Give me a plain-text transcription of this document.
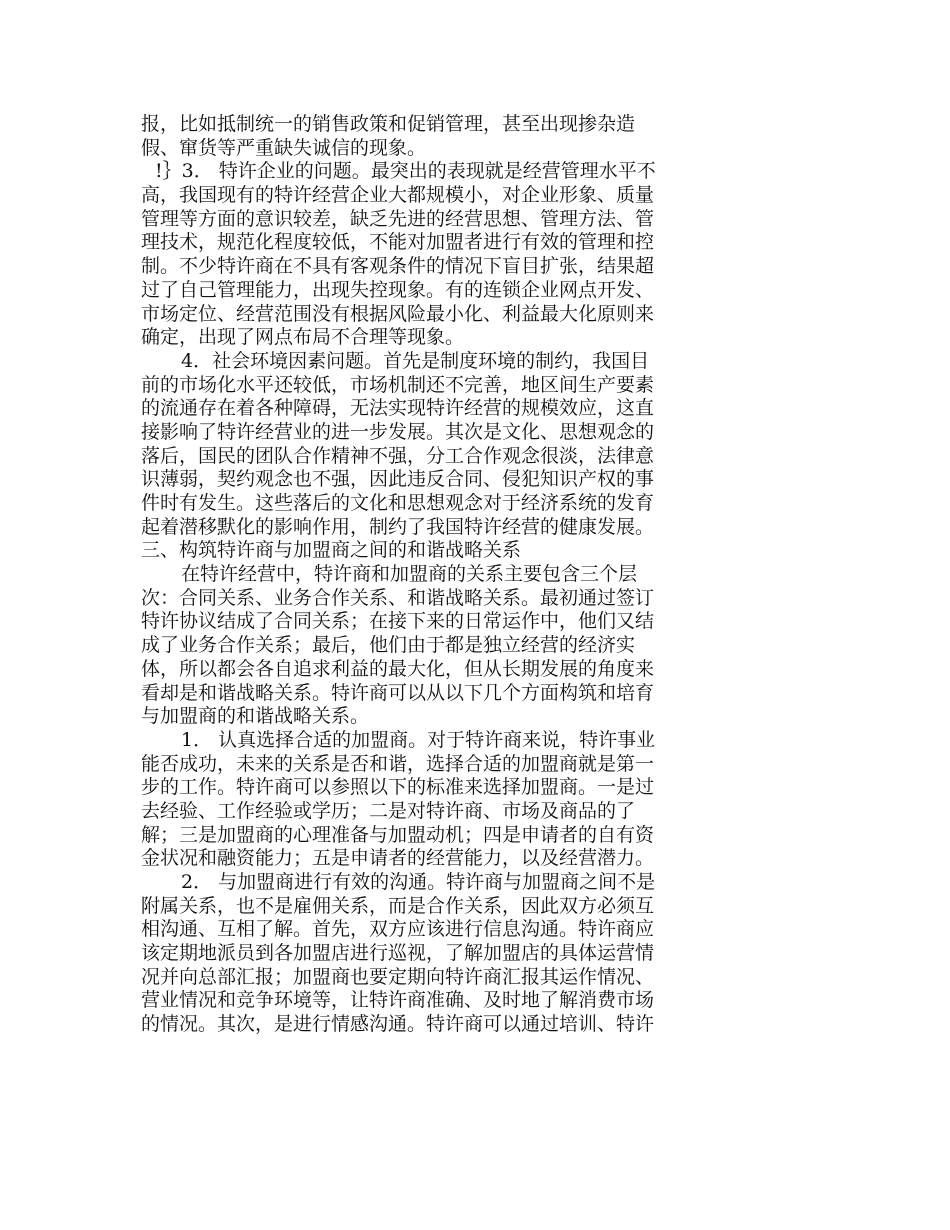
报，比如抵制统一的销售政策和促销管理，甚至出现掺杂造
假、窜货等严重缺失诚信的现象。
!｝3． 特许企业的问题。最突出的表现就是经营管理水平不
高，我国现有的特许经营企业大都规模小，对企业形象、质量
管理等方面的意识较差，缺乏先进的经营思想、管理方法、管
理技术，规范化程度较低，不能对加盟者进行有效的管理和控
制。不少特许商在不具有客观条件的情况下盲目扩张，结果超
过了自己管理能力，出现失控现象。有的连锁企业网点开发、
市场定位、经营范围没有根据风险最小化、利益最大化原则来
确定，出现了网点布局不合理等现象。
4．社会环境因素问题。首先是制度环境的制约，我国目
前的市场化水平还较低，市场机制还不完善，地区间生产要素
的流通存在着各种障碍，无法实现特许经营的规模效应，这直
接影响了特许经营业的进一步发展。其次是文化、思想观念的
落后，国民的团队合作精神不强，分工合作观念很淡，法律意
识薄弱，契约观念也不强，因此违反合同、侵犯知识产权的事
件时有发生。这些落后的文化和思想观念对于经济系统的发育
起着潜移默化的影响作用，制约了我国特许经营的健康发展。
三、构筑特许商与加盟商之间的和谐战略关系
在特许经营中，特许商和加盟商的关系主要包含三个层
次：合同关系、业务合作关系、和谐战略关系。最初通过签订
特许协议结成了合同关系；在接下来的日常运作中，他们又结
成了业务合作关系；最后，他们由于都是独立经营的经济实
体，所以都会各自追求利益的最大化，但从长期发展的角度来
看却是和谐战略关系。特许商可以从以下几个方面构筑和培育
与加盟商的和谐战略关系。
1． 认真选择合适的加盟商。对于特许商来说，特许事业
能否成功，未来的关系是否和谐，选择合适的加盟商就是第一
步的工作。特许商可以参照以下的标准来选择加盟商。一是过
去经验、工作经验或学历；二是对特许商、市场及商品的了
解；三是加盟商的心理准备与加盟动机；四是申请者的自有资
金状况和融资能力；五是申请者的经营能力，以及经营潜力。
2． 与加盟商进行有效的沟通。特许商与加盟商之间不是
附属关系，也不是雇佣关系，而是合作关系，因此双方必须互
相沟通、互相了解。首先，双方应该进行信息沟通。特许商应
该定期地派员到各加盟店进行巡视，了解加盟店的具体运营情
况并向总部汇报；加盟商也要定期向特许商汇报其运作情况、
营业情况和竞争环境等，让特许商准确、及时地了解消费市场
的情况。其次，是进行情感沟通。特许商可以通过培训、特许
